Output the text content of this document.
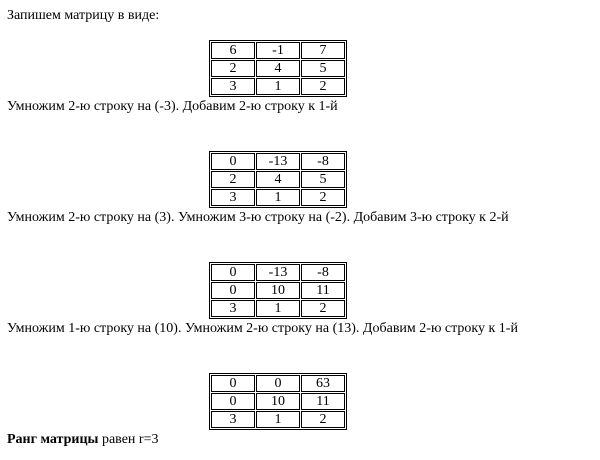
Запишем матрицу в виде:

6	-1	7
2	4	5
3	1	2

Умножим 2-ю строку на (-3). Добавим 2-ю строку к 1-й

0	-13	-8
2	4	5
3	1	2

Умножим 2-ю строку на (3). Умножим 3-ю строку на (-2). Добавим 3-ю строку к 2-й

0	-13	-8
0	10	11
3	1	2

Умножим 1-ю строку на (10). Умножим 2-ю строку на (13). Добавим 2-ю строку к 1-й

0	0	63
0	10	11
3	1	2

Ранг матрицы равен r=3
